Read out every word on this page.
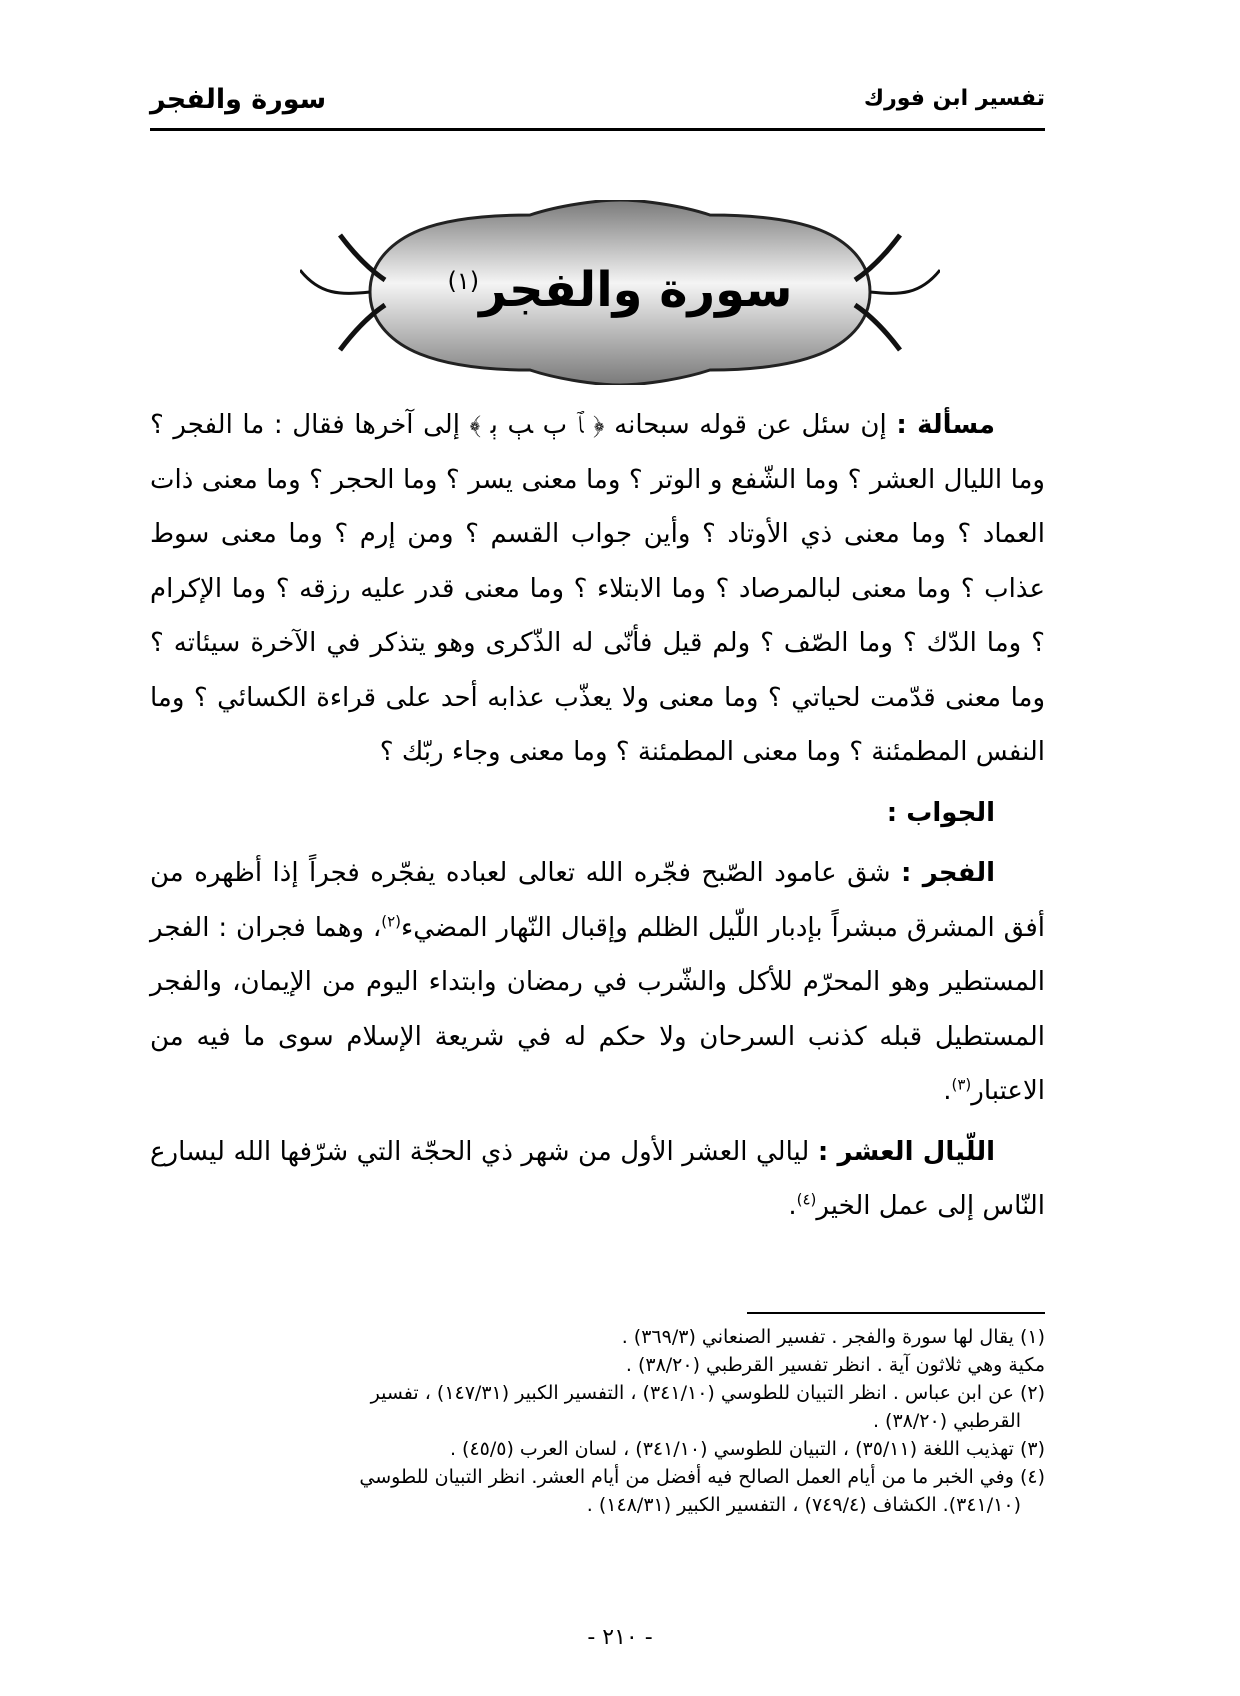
تفسير ابن فورك
سورة والفجر
سورة والفجر$^{(١)}$

مسألة : إن سئل عن قوله سبحانه ﴿ ﭑ ﭒ ﭓ ﭔ ﴾ إلى آخرها فقال : ما الفجر ؟ وما الليال العشر ؟ وما الشّفع و الوتر ؟ وما معنى يسر ؟ وما الحجر ؟ وما معنى ذات العماد ؟ وما معنى ذي الأوتاد ؟ وأين جواب القسم ؟ ومن إرم ؟ وما معنى سوط عذاب ؟ وما معنى لبالمرصاد ؟ وما الابتلاء ؟ وما معنى قدر عليه رزقه ؟ وما الإكرام ؟ وما الدّك ؟ وما الصّف ؟ ولم قيل فأنّى له الذّكرى وهو يتذكر في الآخرة سيئاته ؟ وما معنى قدّمت لحياتي ؟ وما معنى ولا يعذّب عذابه أحد على قراءة الكسائي ؟ وما النفس المطمئنة ؟ وما معنى المطمئنة ؟ وما معنى وجاء ربّك ؟

الجواب :

الفجر : شق عامود الصّبح فجّره الله تعالى لعباده يفجّره فجراً إذا أظهره من أفق المشرق مبشراً بإدبار اللّيل الظلم وإقبال النّهار المضيء$^{(٢)}$، وهما فجران : الفجر المستطير وهو المحرّم للأكل والشّرب في رمضان وابتداء اليوم من الإيمان، والفجر المستطيل قبله كذنب السرحان ولا حكم له في شريعة الإسلام سوى ما فيه من الاعتبار$^{(٣)}$.

اللّيال العشر : ليالي العشر الأول من شهر ذي الحجّة التي شرّفها الله ليسارع النّاس إلى عمل الخير$^{(٤)}$.

(١) يقال لها سورة والفجر . تفسير الصنعاني (٣٦٩/٣) .
مكية وهي ثلاثون آية . انظر تفسير القرطبي (٣٨/٢٠) .
(٢) عن ابن عباس . انظر التبيان للطوسي (٣٤١/١٠) ، التفسير الكبير (١٤٧/٣١) ، تفسير
القرطبي (٣٨/٢٠) .
(٣) تهذيب اللغة (٣٥/١١) ، التبيان للطوسي (٣٤١/١٠) ، لسان العرب (٤٥/٥) .
(٤) وفي الخبر ما من أيام العمل الصالح فيه أفضل من أيام العشر. انظر التبيان للطوسي
(٣٤١/١٠). الكشاف (٧٤٩/٤) ، التفسير الكبير (١٤٨/٣١) .
- ٢١٠ -
